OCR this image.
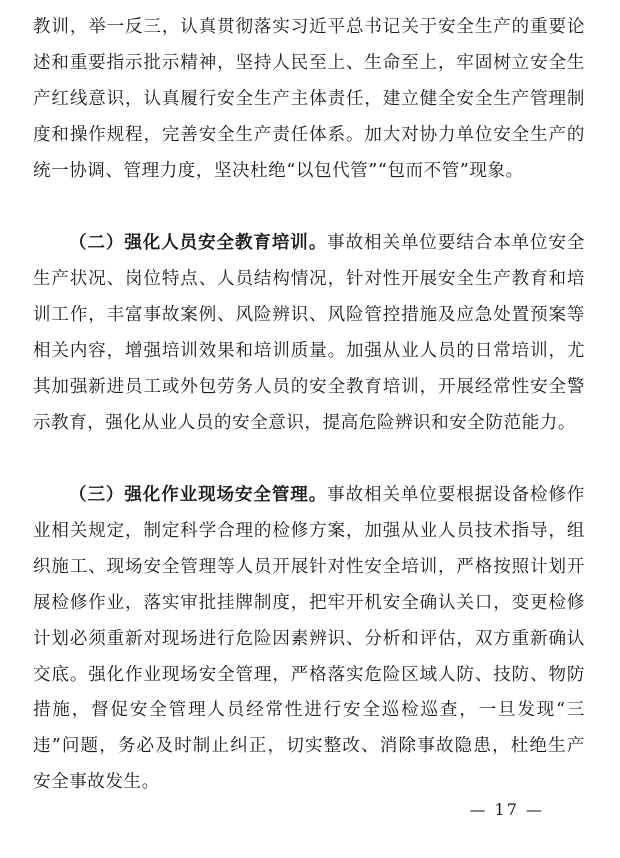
教训，举一反三，认真贯彻落实习近平总书记关于安全生产的重要论述和重要指示批示精神，坚持人民至上、生命至上，牢固树立安全生产红线意识，认真履行安全生产主体责任，建立健全安全生产管理制度和操作规程，完善安全生产责任体系。加大对协力单位安全生产的统一协调、管理力度，坚决杜绝“以包代管”“包而不管”现象。

（二）强化人员安全教育培训。事故相关单位要结合本单位安全生产状况、岗位特点、人员结构情况，针对性开展安全生产教育和培训工作，丰富事故案例、风险辨识、风险管控措施及应急处置预案等相关内容，增强培训效果和培训质量。加强从业人员的日常培训，尤其加强新进员工或外包劳务人员的安全教育培训，开展经常性安全警示教育，强化从业人员的安全意识，提高危险辨识和安全防范能力。

（三）强化作业现场安全管理。事故相关单位要根据设备检修作业相关规定，制定科学合理的检修方案，加强从业人员技术指导，组织施工、现场安全管理等人员开展针对性安全培训，严格按照计划开展检修作业，落实审批挂牌制度，把牢开机安全确认关口，变更检修计划必须重新对现场进行危险因素辨识、分析和评估，双方重新确认交底。强化作业现场安全管理，严格落实危险区域人防、技防、物防措施，督促安全管理人员经常性进行安全巡检巡查，一旦发现“三违”问题，务必及时制止纠正，切实整改、消除事故隐患，杜绝生产安全事故发生。

— 17 —
